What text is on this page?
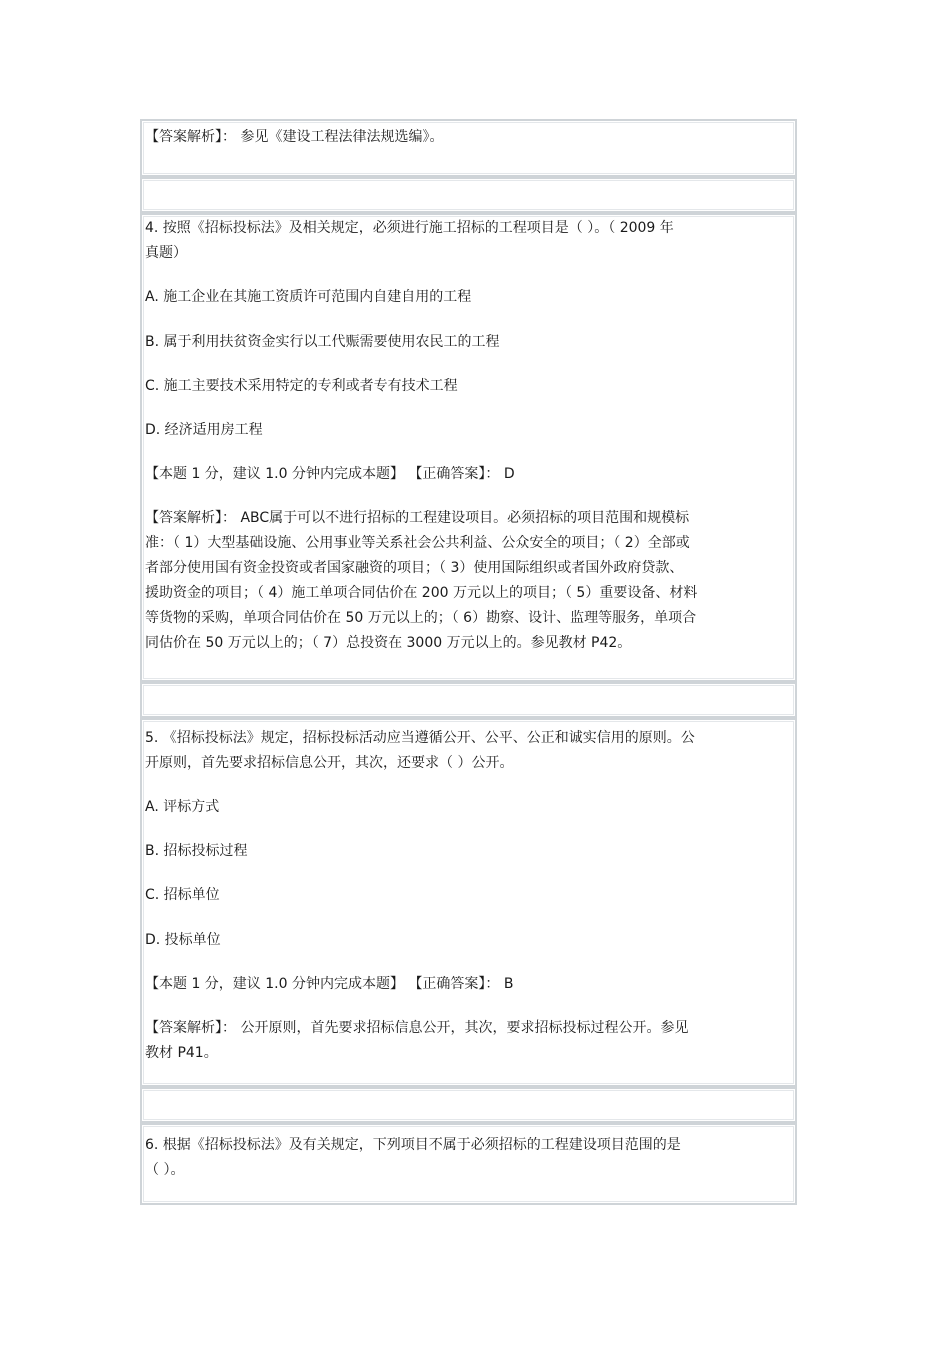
【答案解析】： 参见《建设工程法律法规选编》。
4. 按照《招标投标法》及相关规定，必须进行施工招标的工程项目是（ ）。（ 2009 年
真题）
A. 施工企业在其施工资质许可范围内自建自用的工程
B. 属于利用扶贫资金实行以工代赈需要使用农民工的工程
C. 施工主要技术采用特定的专利或者专有技术工程
D. 经济适用房工程
【本题 1 分，建议 1.0 分钟内完成本题】 【正确答案】： D
【答案解析】： ABC属于可以不进行招标的工程建设项目。必须招标的项目范围和规模标
准：（ 1）大型基础设施、公用事业等关系社会公共利益、公众安全的项目；（ 2）全部或
者部分使用国有资金投资或者国家融资的项目；（ 3）使用国际组织或者国外政府贷款、
援助资金的项目；（ 4）施工单项合同估价在 200 万元以上的项目；（ 5）重要设备、材料
等货物的采购，单项合同估价在 50 万元以上的；（ 6）勘察、设计、监理等服务，单项合
同估价在 50 万元以上的；（ 7）总投资在 3000 万元以上的。参见教材 P42。
5. 《招标投标法》规定，招标投标活动应当遵循公开、公平、公正和诚实信用的原则。公
开原则，首先要求招标信息公开，其次，还要求（ ）公开。
A. 评标方式
B. 招标投标过程
C. 招标单位
D. 投标单位
【本题 1 分，建议 1.0 分钟内完成本题】 【正确答案】： B
【答案解析】： 公开原则，首先要求招标信息公开，其次，要求招标投标过程公开。参见
教材 P41。
6. 根据《招标投标法》及有关规定，下列项目不属于必须招标的工程建设项目范围的是
（ ）。
